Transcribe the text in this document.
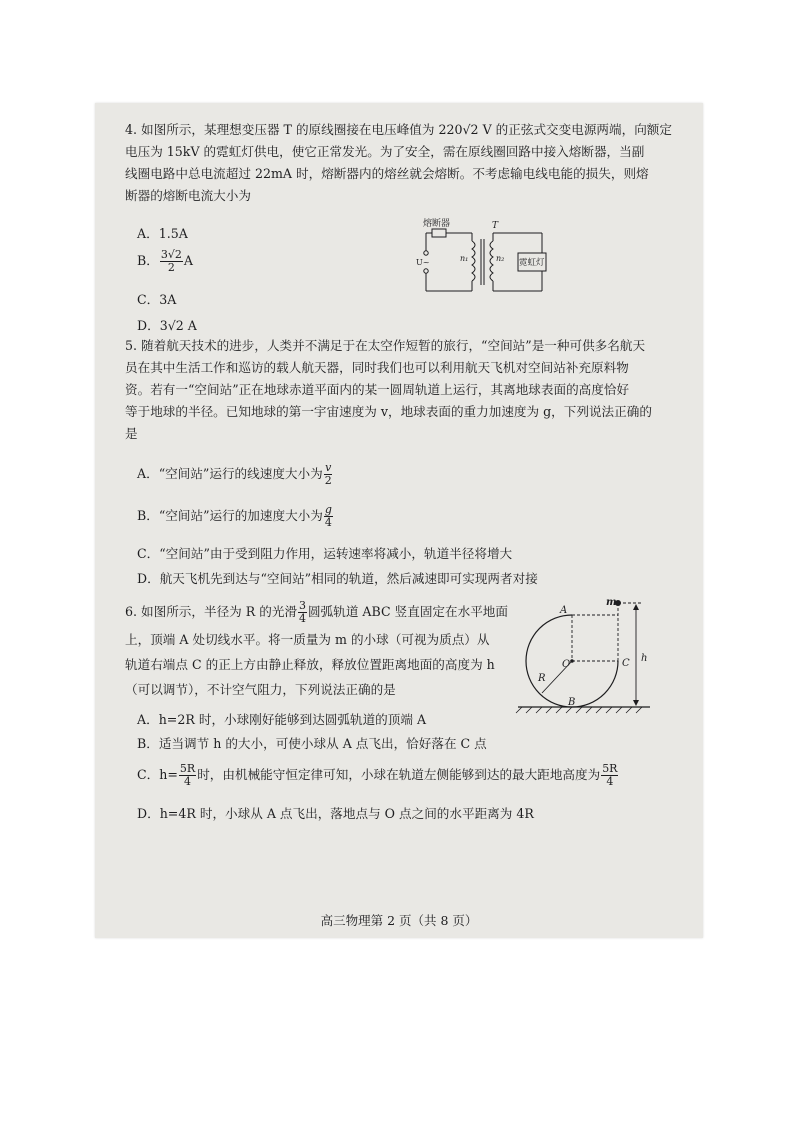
4. 如图所示，某理想变压器 T 的原线圈接在电压峰值为 220√2 V 的正弦式交变电源两端，向额定
电压为 15kV 的霓虹灯供电，使它正常发光。为了安全，需在原线圈回路中接入熔断器，当副
线圈电路中总电流超过 22mA 时，熔断器内的熔丝就会熔断。不考虑输电线电能的损失，则熔
断器的熔断电流大小为
A．1.5A
B． $\frac{3√2}{2}$ A
C．3A
D．3√2 A
熔断器	T
U~	n₁	n₂ 霓虹灯
5. 随着航天技术的进步，人类并不满足于在太空作短暂的旅行，“空间站”是一种可供多名航天
员在其中生活工作和巡访的载人航天器，同时我们也可以利用航天飞机对空间站补充原料物
资。若有一“空间站”正在地球赤道平面内的某一圆周轨道上运行，其离地球表面的高度恰好
等于地球的半径。已知地球的第一宇宙速度为 v，地球表面的重力加速度为 g，下列说法正确的
是
A．“空间站”运行的线速度大小为 $\frac{v}{2}$
B．“空间站”运行的加速度大小为 $\frac{g}{4}$
C．“空间站”由于受到阻力作用，运转速率将减小，轨道半径将增大
D．航天飞机先到达与“空间站”相同的轨道，然后减速即可实现两者对接
6. 如图所示，半径为 R 的光滑 $\frac{3}{4}$ 圆弧轨道 ABC 竖直固定在水平地面
上，顶端 A 处切线水平。将一质量为 m 的小球（可视为质点）从
轨道右端点 C 的正上方由静止释放，释放位置距离地面的高度为 h
（可以调节），不计空气阻力，下列说法正确的是
A．h=2R 时，小球刚好能够到达圆弧轨道的顶端 A
B．适当调节 h 的大小，可使小球从 A 点飞出，恰好落在 C 点
C．$h= \frac{5R}{4}$ 时，由机械能守恒定律可知，小球在轨道左侧能够到达的最大距地高度为 $\frac{5R}{4}$
D．h=4R 时，小球从 A 点飞出，落地点与 O 点之间的水平距离为 4R
A
m
O	C
R
h
B
高三物理第 2 页（共 8 页）
